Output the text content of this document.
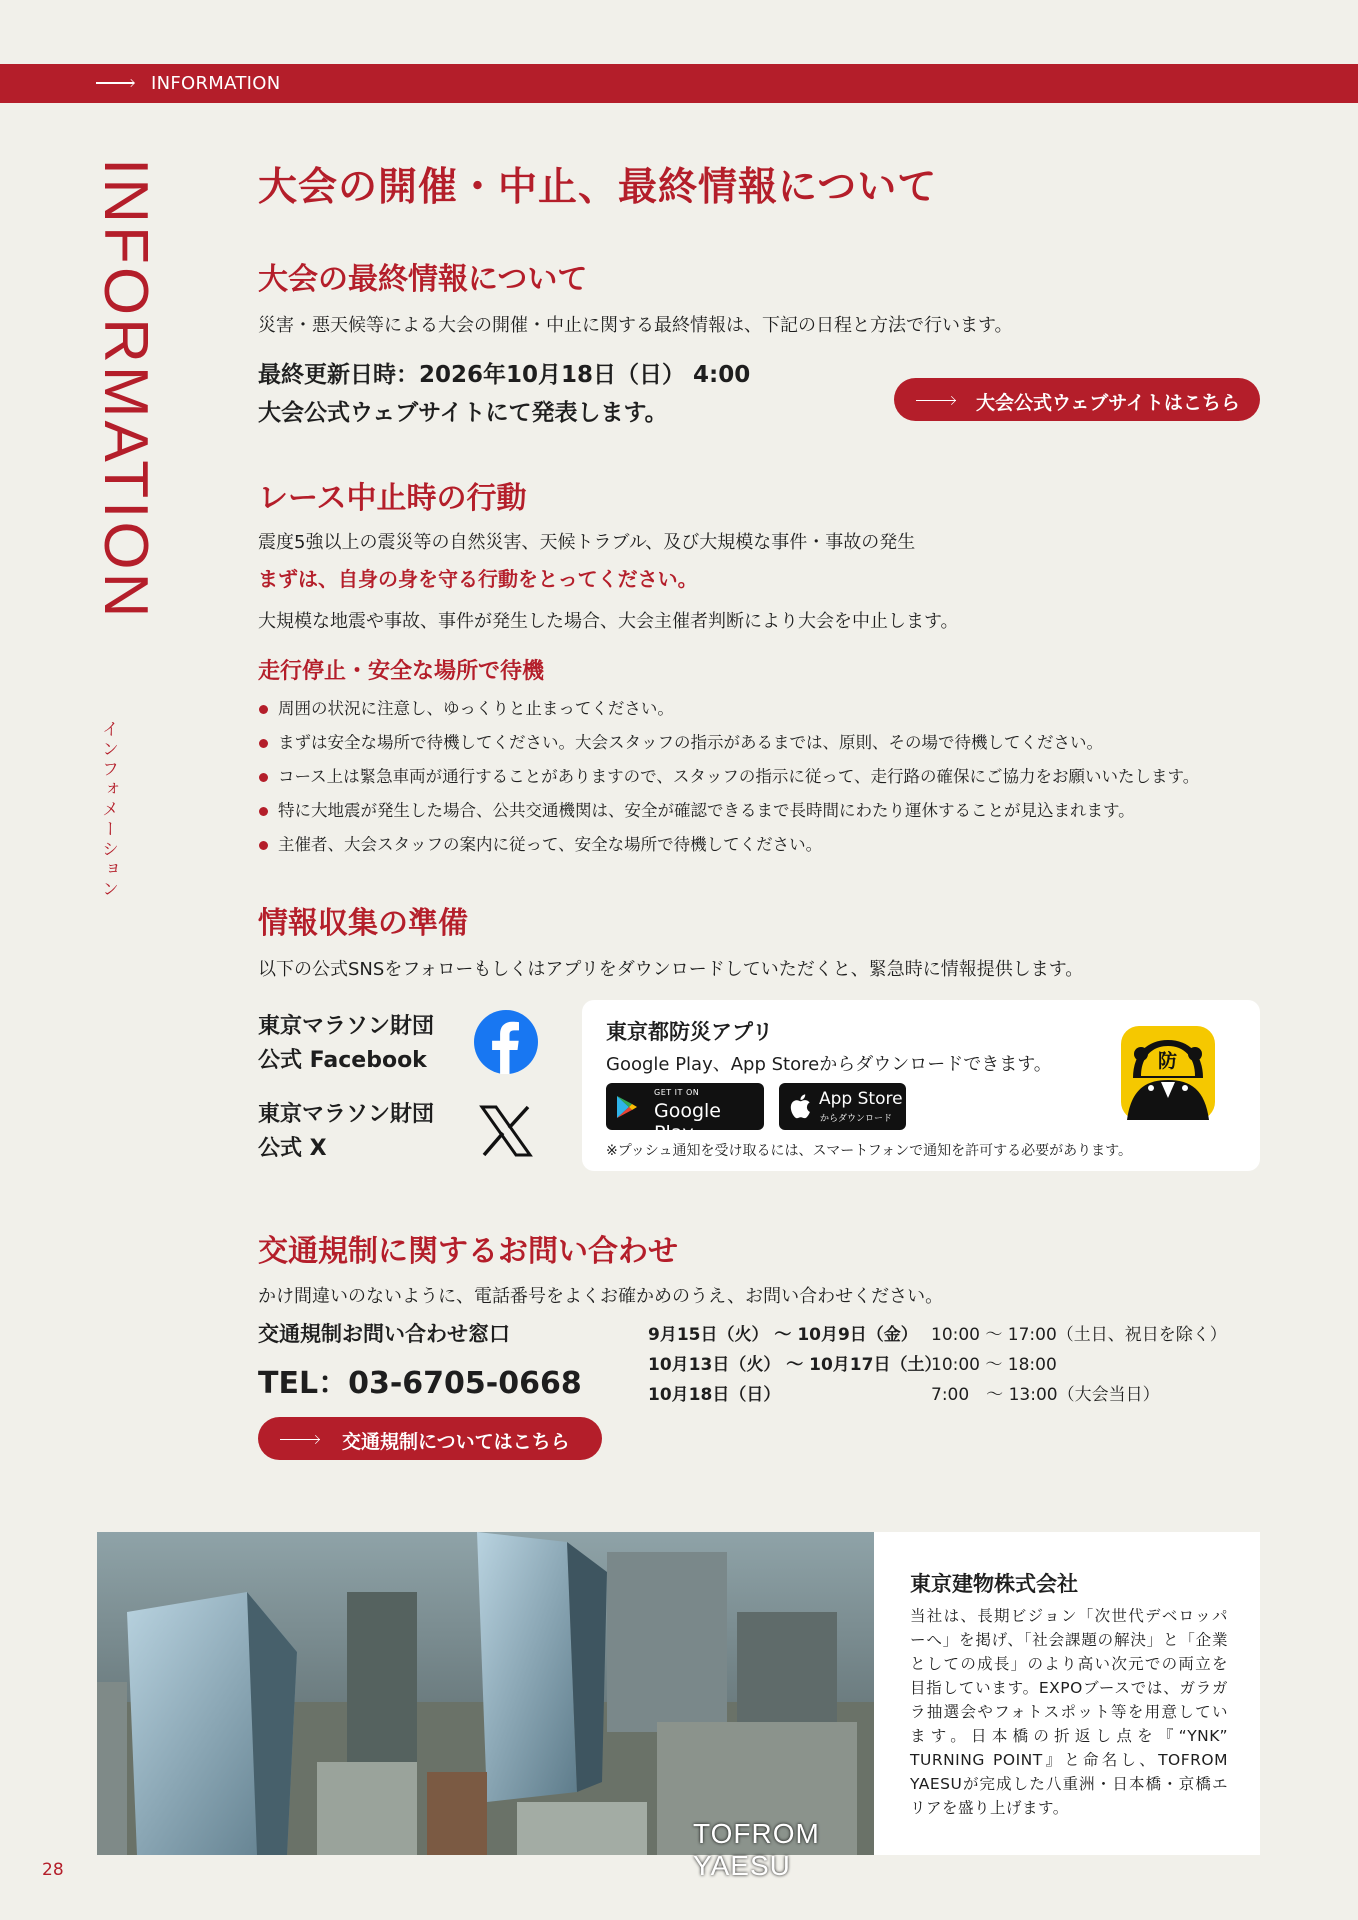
INFORMATION
INFORMATION
インフォメーション
大会の開催・中止、最終情報について
大会の最終情報について
災害・悪天候等による大会の開催・中止に関する最終情報は、下記の日程と方法で行います。
最終更新日時：2026年10月18日（日） 4:00
大会公式ウェブサイトにて発表します。	大会公式ウェブサイトはこちら
レース中止時の行動
震度5強以上の震災等の自然災害、天候トラブル、及び大規模な事件・事故の発生
まずは、自身の身を守る行動をとってください。
大規模な地震や事故、事件が発生した場合、大会主催者判断により大会を中止します。
走行停止・安全な場所で待機
周囲の状況に注意し、ゆっくりと止まってください。
まずは安全な場所で待機してください。大会スタッフの指示があるまでは、原則、その場で待機してください。
コース上は緊急車両が通行することがありますので、スタッフの指示に従って、走行路の確保にご協力をお願いいたします。
特に大地震が発生した場合、公共交通機関は、安全が確認できるまで長時間にわたり運休することが見込まれます。
主催者、大会スタッフの案内に従って、安全な場所で待機してください。
情報収集の準備
以下の公式SNSをフォローもしくはアプリをダウンロードしていただくと、緊急時に情報提供します。
東京マラソン財団
公式 Facebook
東京マラソン財団
公式 X
東京都防災アプリ
Google Play、App Storeからダウンロードできます。
GET IT ON
Google Play
App Store
からダウンロード
※プッシュ通知を受け取るには、スマートフォンで通知を許可する必要があります。
防
交通規制に関するお問い合わせ
かけ間違いのないように、電話番号をよくお確かめのうえ、お問い合わせください。
交通規制お問い合わせ窓口
TEL：03-6705-0668
9月15日（火） 〜 10月9日（金）
10月13日（火） 〜 10月17日（土）
10月18日（日）
10:00 〜 17:00（土日、祝日を除く）
10:00 〜 18:00
7:00　〜 13:00（大会当日）
交通規制についてはこちら
TOFROM YAESU
東京建物株式会社
当社は、長期ビジョン「次世代デベロッパーへ」を掲げ、「社会課題の解決」と「企業としての成長」のより高い次元での両立を目指しています。EXPOブースでは、ガラガラ抽選会やフォトスポット等を用意しています。日本橋の折返し点を『“YNK” TURNING POINT』と命名し、TOFROM YAESUが完成した八重洲・日本橋・京橋エリアを盛り上げます。
28
